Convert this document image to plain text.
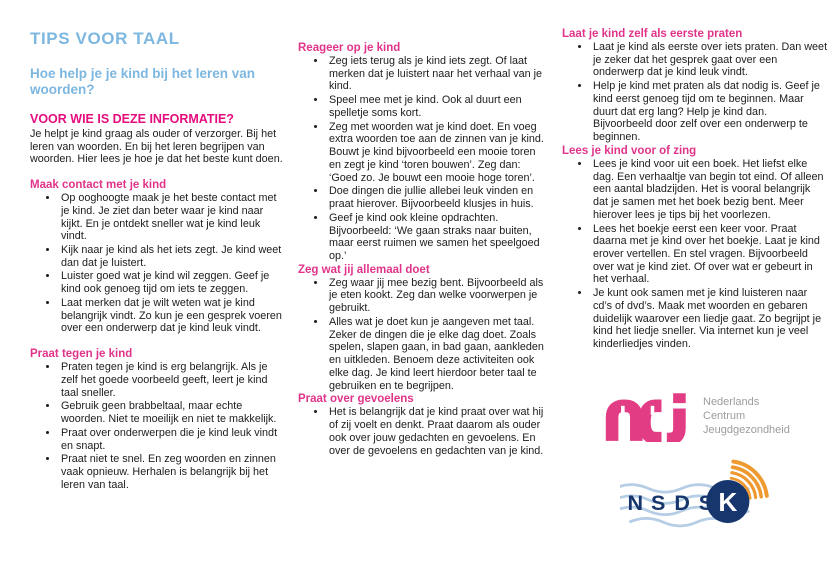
TIPS VOOR TAAL
Hoe help je je kind bij het leren van woorden?
VOOR WIE IS DEZE INFORMATIE?

Je helpt je kind graag als ouder of verzorger. Bij het leren van woorden. En bij het leren begrijpen van woorden. Hier lees je hoe je dat het beste kunt doen.

Maak contact met je kind
• Op ooghoogte maak je het beste contact met je kind. Je ziet dan beter waar je kind naar kijkt. En je ontdekt sneller wat je kind leuk vindt.
• Kijk naar je kind als het iets zegt. Je kind weet dan dat je luistert.
• Luister goed wat je kind wil zeggen. Geef je kind ook genoeg tijd om iets te zeggen.
• Laat merken dat je wilt weten wat je kind belangrijk vindt. Zo kun je een gesprek voeren over een onderwerp dat je kind leuk vindt.
Praat tegen je kind
• Praten tegen je kind is erg belangrijk. Als je zelf het goede voorbeeld geeft, leert je kind taal sneller.
• Gebruik geen brabbeltaal, maar echte woorden. Niet te moeilijk en niet te makkelijk.
• Praat over onderwerpen die je kind leuk vindt en snapt.
• Praat niet te snel. En zeg woorden en zinnen vaak opnieuw. Herhalen is belangrijk bij het leren van taal.
Reageer op je kind
• Zeg iets terug als je kind iets zegt. Of laat merken dat je luistert naar het verhaal van je kind.
• Speel mee met je kind. Ook al duurt een spelletje soms kort.
• Zeg met woorden wat je kind doet. En voeg extra woorden toe aan de zinnen van je kind. Bouwt je kind bijvoorbeeld een mooie toren en zegt je kind ‘toren bouwen’. Zeg dan: ‘Goed zo. Je bouwt een mooie hoge toren’.
• Doe dingen die jullie allebei leuk vinden en praat hierover. Bijvoorbeeld klusjes in huis.
• Geef je kind ook kleine opdrachten. Bijvoorbeeld: ‘We gaan straks naar buiten, maar eerst ruimen we samen het speelgoed op.’
Zeg wat jij allemaal doet
• Zeg waar jij mee bezig bent. Bijvoorbeeld als je eten kookt. Zeg dan welke voorwerpen je gebruikt.
• Alles wat je doet kun je aangeven met taal. Zeker de dingen die je elke dag doet. Zoals spelen, slapen gaan, in bad gaan, aankleden en uitkleden. Benoem deze activiteiten ook elke dag. Je kind leert hierdoor beter taal te gebruiken en te begrijpen.
Praat over gevoelens
• Het is belangrijk dat je kind praat over wat hij of zij voelt en denkt. Praat daarom als ouder ook over jouw gedachten en gevoelens. En over de gevoelens en gedachten van je kind.
Laat je kind zelf als eerste praten
• Laat je kind als eerste over iets praten. Dan weet je zeker dat het gesprek gaat over een onderwerp dat je kind leuk vindt.
• Help je kind met praten als dat nodig is. Geef je kind eerst genoeg tijd om te beginnen. Maar duurt dat erg lang? Help je kind dan. Bijvoorbeeld door zelf over een onderwerp te beginnen.
Lees je kind voor of zing
• Lees je kind voor uit een boek. Het liefst elke dag. Een verhaaltje van begin tot eind. Of alleen een aantal bladzijden. Het is vooral belangrijk dat je samen met het boek bezig bent. Meer hierover lees je tips bij het voorlezen.
• Lees het boekje eerst een keer voor. Praat daarna met je kind over het boekje. Laat je kind erover vertellen. En stel vragen. Bijvoorbeeld over wat je kind ziet. Of over wat er gebeurt in het verhaal.
• Je kunt ook samen met je kind luisteren naar cd’s of dvd’s. Maak met woorden en gebaren duidelijk waarover een liedje gaat. Zo begrijpt je kind het liedje sneller. Via internet kun je veel kinderliedjes vinden.
Nederlands
Centrum
Jeugdgezondheid
K
N S D S
